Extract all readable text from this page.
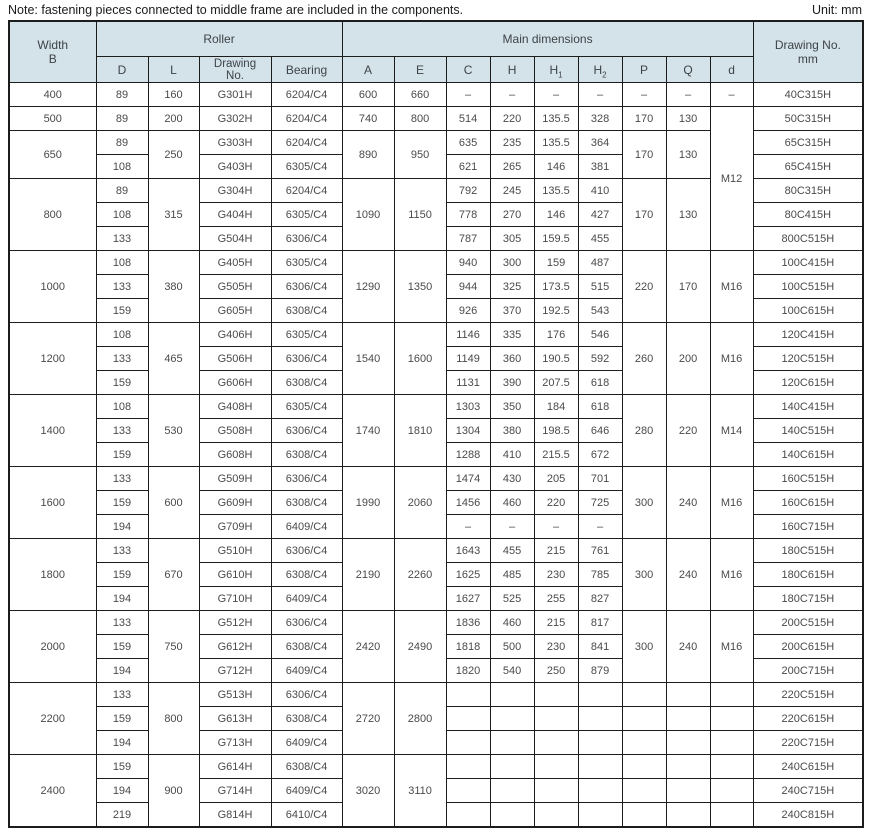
Note: fastening pieces connected to middle frame are included in the components.	Unit: mm
Width
B
	Roller	Main dimensions	Drawing No.
mm

	D	L	Drawing
No.	Bearing	A	E	C	H	$H_1$	$H_2$	P	Q	d	
400	89	160	G301H	6204/C4	600	660	–	–	–	–	–	–	–	40C315H
500	89	200	G302H	6204/C4	740	800	514	220	135.5	328	170	130	M12	50C315H
650	89	250	G303H	6204/C4	890	950	635	235	135.5	364	170	130		65C315H
	108		G403H	6305/C4			621	265	146	381				65C415H
800	89	315	G304H	6204/C4	1090	1150	792	245	135.5	410	170	130		80C315H
	108		G404H	6305/C4			778	270	146	427				80C415H
	133		G504H	6306/C4			787	305	159.5	455				800C515H
1000	108	380	G405H	6305/C4	1290	1350	940	300	159	487	220	170	M16	100C415H
	133		G505H	6306/C4			944	325	173.5	515				100C515H
	159		G605H	6308/C4			926	370	192.5	543				100C615H
1200	108	465	G406H	6305/C4	1540	1600	1146	335	176	546	260	200	M16	120C415H
	133		G506H	6306/C4			1149	360	190.5	592				120C515H
	159		G606H	6308/C4			1131	390	207.5	618				120C615H
1400	108	530	G408H	6305/C4	1740	1810	1303	350	184	618	280	220	M14	140C415H
	133		G508H	6306/C4			1304	380	198.5	646				140C515H
	159		G608H	6308/C4			1288	410	215.5	672				140C615H
1600	133	600	G509H	6306/C4	1990	2060	1474	430	205	701	300	240	M16	160C515H
	159		G609H	6308/C4			1456	460	220	725				160C615H
	194		G709H	6409/C4			–	–	–	–				160C715H
1800	133	670	G510H	6306/C4	2190	2260	1643	455	215	761	300	240	M16	180C515H
	159		G610H	6308/C4			1625	485	230	785				180C615H
	194		G710H	6409/C4			1627	525	255	827				180C715H
2000	133	750	G512H	6306/C4	2420	2490	1836	460	215	817	300	240	M16	200C515H
	159		G612H	6308/C4			1818	500	230	841				200C615H
	194		G712H	6409/C4			1820	540	250	879				200C715H
2200	133	800	G513H	6306/C4	2720	2800								220C515H
	159		G613H	6308/C4										220C615H
	194		G713H	6409/C4										220C715H
2400	159	900	G614H	6308/C4	3020	3110								240C615H
	194		G714H	6409/C4										240C715H
	219		G814H	6410/C4										240C815H
